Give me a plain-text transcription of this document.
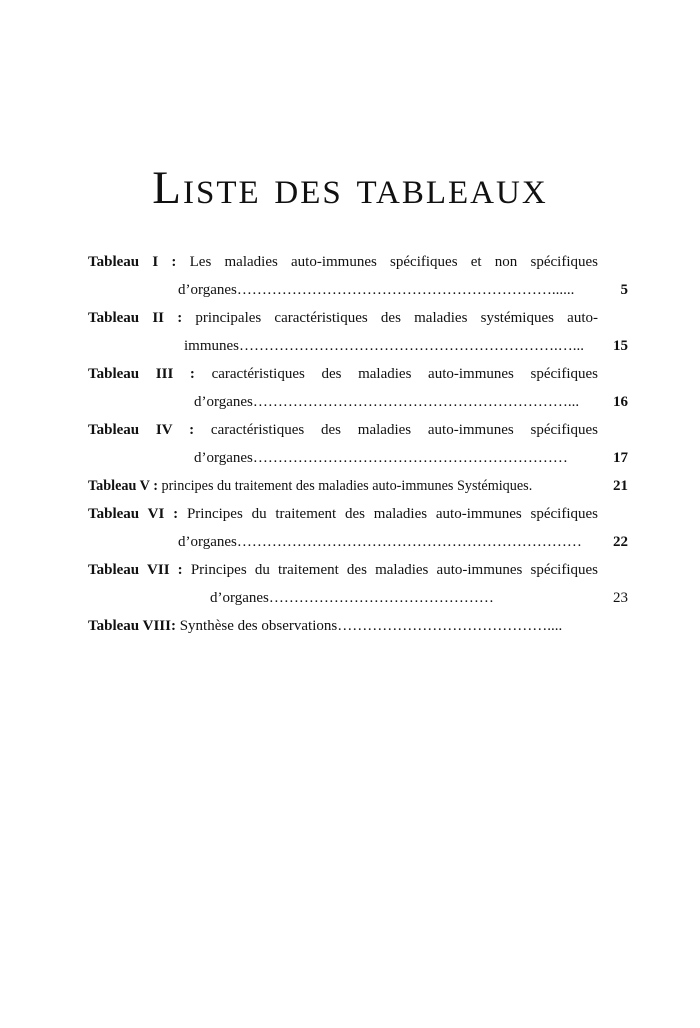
Liste des tableaux
Tableau I : Les maladies auto-immunes spécifiques et non spécifiques
d’organes………………………………………………………......	5
Tableau II : principales caractéristiques des maladies systémiques auto-
immunes……………………………………………………….…...	15
Tableau III : caractéristiques des maladies auto-immunes spécifiques
d’organes………………………………………………………...	16
Tableau IV : caractéristiques des maladies auto-immunes spécifiques
d’organes………………………………………………………	17
Tableau V : principes du traitement des maladies auto-immunes Systémiques.	21
Tableau VI : Principes du traitement des maladies auto-immunes spécifiques
d’organes……………………………………………………………	22
Tableau VII : Principes du traitement des maladies auto-immunes spécifiques
d’organes………………………………………	23
Tableau VIII: Synthèse des observations……………………………………....
